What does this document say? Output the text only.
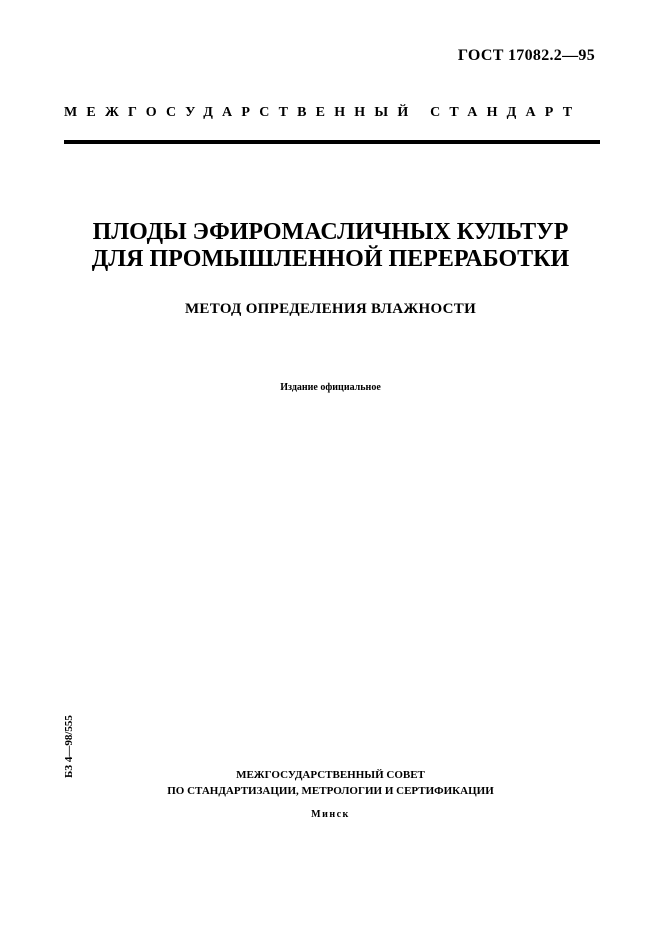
ГОСТ 17082.2—95
МЕЖГОСУДАРСТВЕННЫЙ СТАНДАРТ
ПЛОДЫ ЭФИРОМАСЛИЧНЫХ КУЛЬТУР
ДЛЯ ПРОМЫШЛЕННОЙ ПЕРЕРАБОТКИ
МЕТОД ОПРЕДЕЛЕНИЯ ВЛАЖНОСТИ
Издание официальное
БЗ 4—98/555	МЕЖГОСУДАРСТВЕННЫЙ СОВЕТ
ПО СТАНДАРТИЗАЦИИ, МЕТРОЛОГИИ И СЕРТИФИКАЦИИ
Минск
